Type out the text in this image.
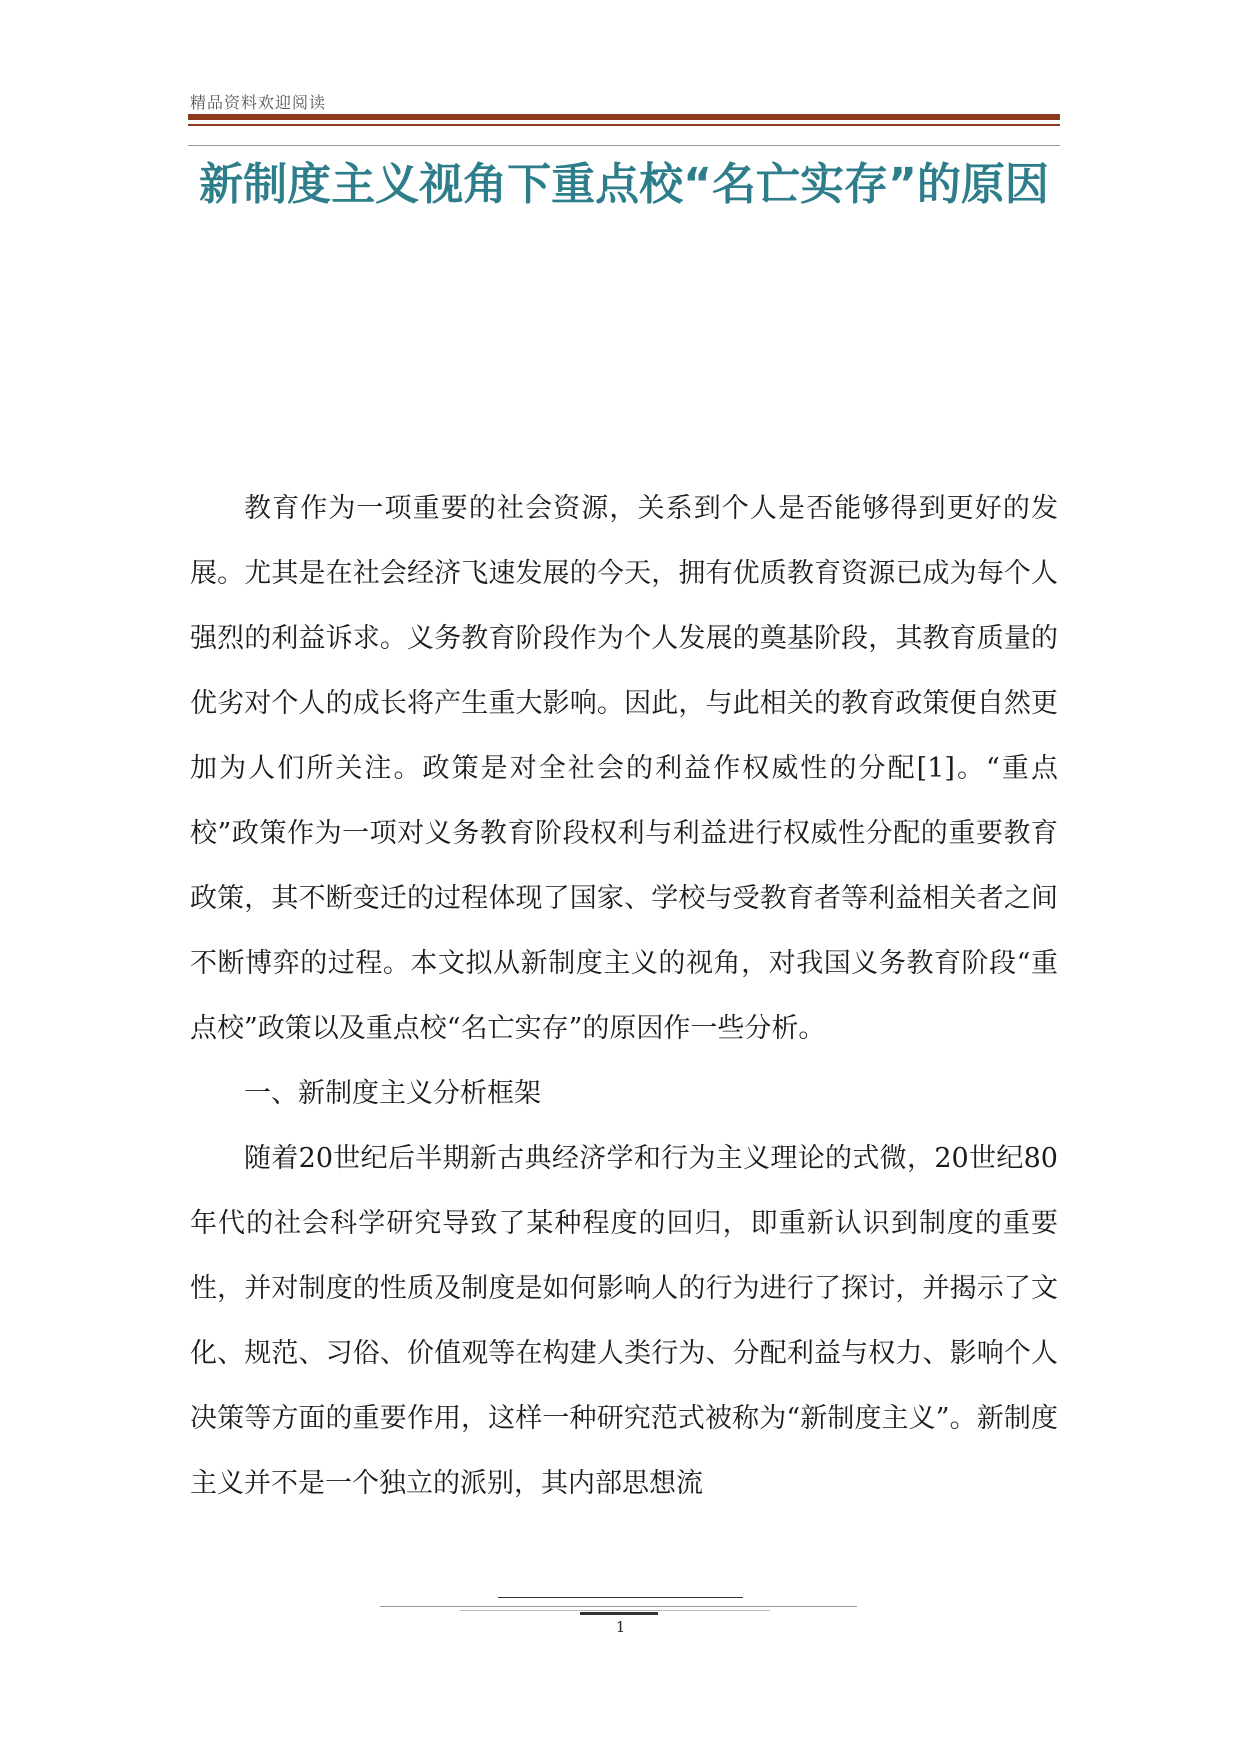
精品资料欢迎阅读
新制度主义视角下重点校“名亡实存”的原因

教育作为一项重要的社会资源，关系到个人是否能够得到更好的发展。尤其是在社会经济飞速发展的今天，拥有优质教育资源已成为每个人强烈的利益诉求。义务教育阶段作为个人发展的奠基阶段，其教育质量的优劣对个人的成长将产生重大影响。因此，与此相关的教育政策便自然更加为人们所关注。政策是对全社会的利益作权威性的分配[1]。“重点校”政策作为一项对义务教育阶段权利与利益进行权威性分配的重要教育政策，其不断变迁的过程体现了国家、学校与受教育者等利益相关者之间不断博弈的过程。本文拟从新制度主义的视角，对我国义务教育阶段“重点校”政策以及重点校“名亡实存”的原因作一些分析。

一、新制度主义分析框架

随着20世纪后半期新古典经济学和行为主义理论的式微，20世纪80年代的社会科学研究导致了某种程度的回归，即重新认识到制度的重要性，并对制度的性质及制度是如何影响人的行为进行了探讨，并揭示了文化、规范、习俗、价值观等在构建人类行为、分配利益与权力、影响个人决策等方面的重要作用，这样一种研究范式被称为“新制度主义”。新制度主义并不是一个独立的派别，其内部思想流

1
